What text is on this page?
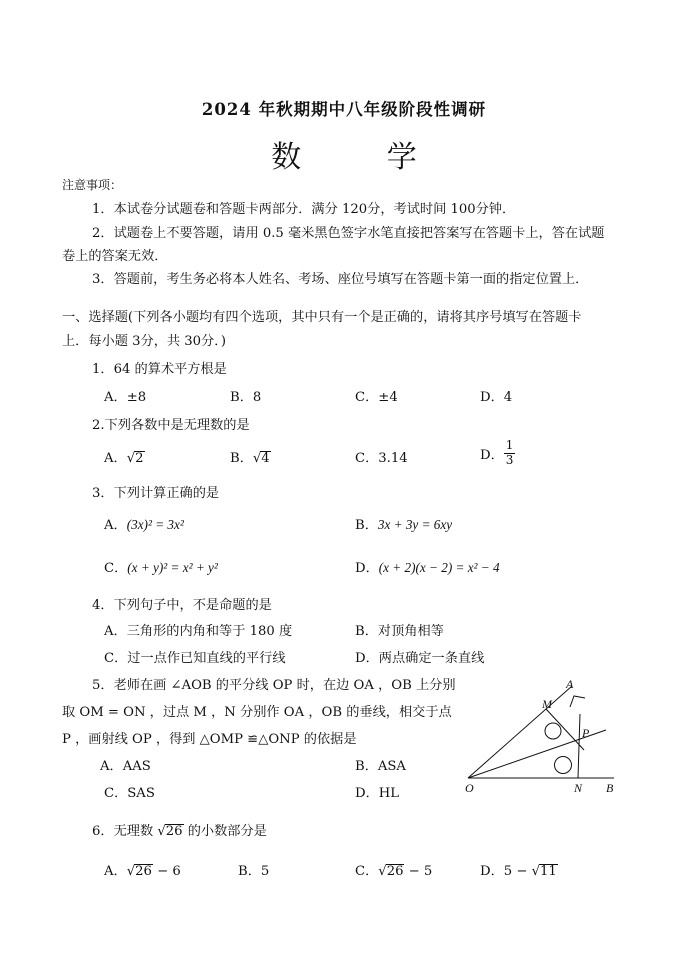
2024 年秋期期中八年级阶段性调研
数 学
注意事项：
1．本试卷分试题卷和答题卡两部分．满分 120分，考试时间 100分钟．
2．试题卷上不要答题，请用 0.5 毫米黑色签字水笔直接把答案写在答题卡上，答在试题
卷上的答案无效．
3．答题前，考生务必将本人姓名、考场、座位号填写在答题卡第一面的指定位置上．
一、选择题(下列各小题均有四个选项，其中只有一个是正确的，请将其序号填写在答题卡
上．每小题 3分，共 30分．)
1．64 的算术平方根是
A．±8	B．8	C．±4	D．4
2.下列各数中是无理数的是
A．√2	B．√4	C．3.14	D． $\frac{1}{3}$
3．下列计算正确的是
A．(3x)² = 3x²	B．3x + 3y = 6xy
C．(x + y)² = x² + y²	D．(x + 2)(x − 2) = x² − 4
4．下列句子中，不是命题的是
A．三角形的内角和等于 180 度	B．对顶角相等
C．过一点作已知直线的平行线	D．两点确定一条直线
5．老师在画 ∠AOB 的平分线 OP 时，在边 OA ，OB 上分别
取 OM = ON ，过点 M ，N 分别作 OA ，OB 的垂线，相交于点
P ，画射线 OP ，得到 △OMP ≌△ONP 的依据是
A．AAS	B．ASA
C．SAS	D．HL
A
M
P
O	N B
6．无理数 √26 的小数部分是
A．√26 − 6	B．5	C．√26 − 5	D．5 − √11
